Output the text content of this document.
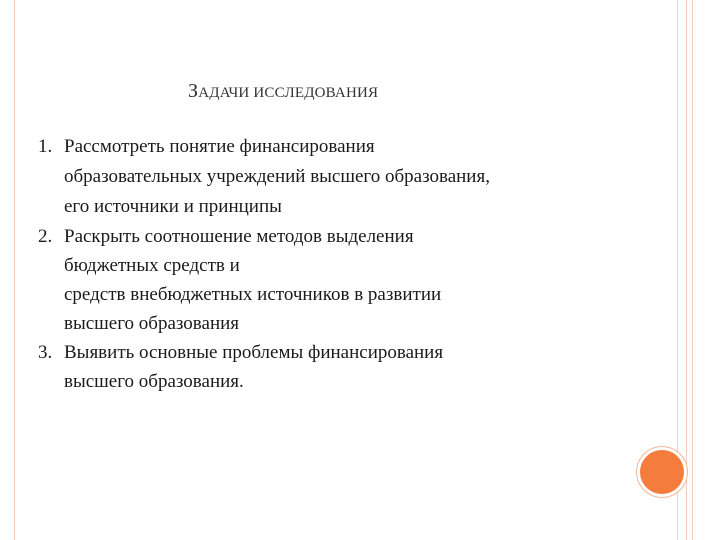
ЗАДАЧИ ИССЛЕДОВАНИЯ
1. Рассмотреть понятие финансирования
образовательных учреждений высшего образования,
его источники и принципы
2. Раскрыть соотношение методов выделения
бюджетных средств и
средств внебюджетных источников в развитии
высшего образования
3. Выявить основные проблемы финансирования
высшего образования.
